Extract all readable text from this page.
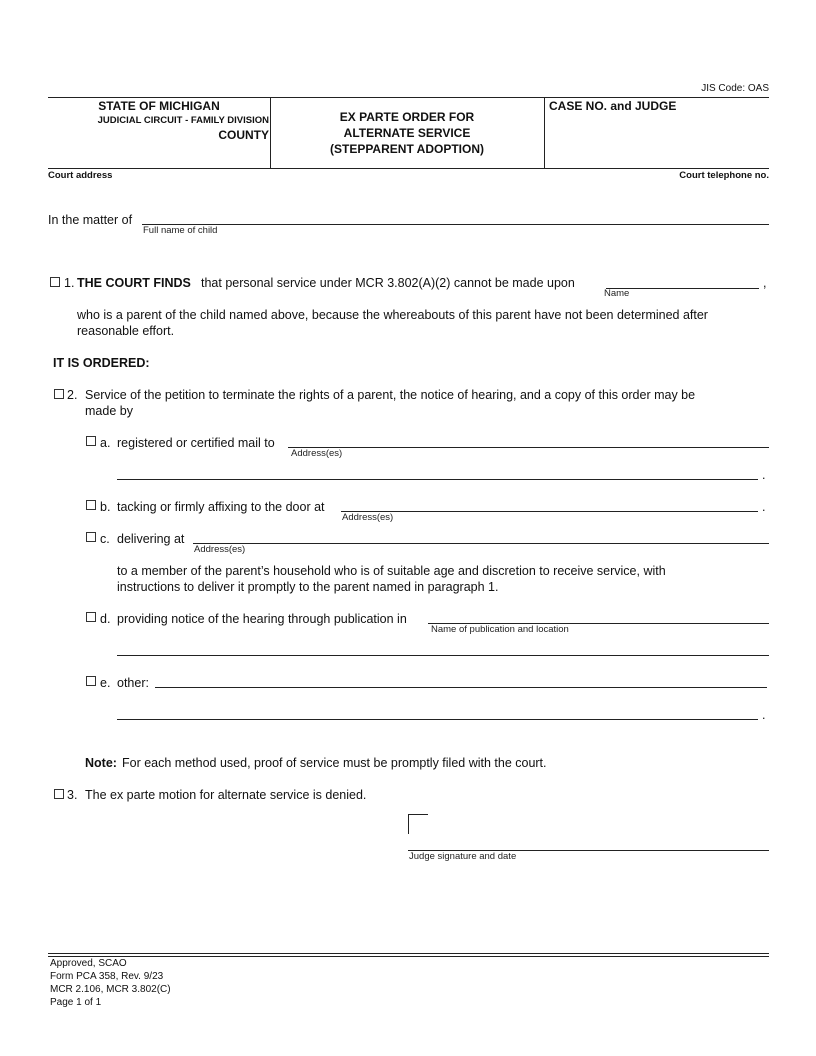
JIS Code: OAS
STATE OF MICHIGAN
JUDICIAL CIRCUIT - FAMILY DIVISION
COUNTY
EX PARTE ORDER FOR
ALTERNATE SERVICE
(STEPPARENT ADOPTION)
CASE NO. and JUDGE
Court address	Court telephone no.
In the matter of
Full name of child
1. THE COURT FINDS that personal service under MCR 3.802(A)(2) cannot be made upon	,
Name
who is a parent of the child named above, because the whereabouts of this parent have not been determined after
reasonable effort.
IT IS ORDERED:
2. Service of the petition to terminate the rights of a parent, the notice of hearing, and a copy of this order may be
made by
a. registered or certified mail to
Address(es)
.
b. tacking or firmly affixing to the door at	.
Address(es)
c. delivering at
Address(es)
to a member of the parent’s household who is of suitable age and discretion to receive service, with
instructions to deliver it promptly to the parent named in paragraph 1.
d. providing notice of the hearing through publication in
Name of publication and location
e. other:
.
Note: For each method used, proof of service must be promptly filed with the court.
3. The ex parte motion for alternate service is denied.
Judge signature and date
Approved, SCAO
Form PCA 358, Rev. 9/23
MCR 2.106, MCR 3.802(C)
Page 1 of 1
